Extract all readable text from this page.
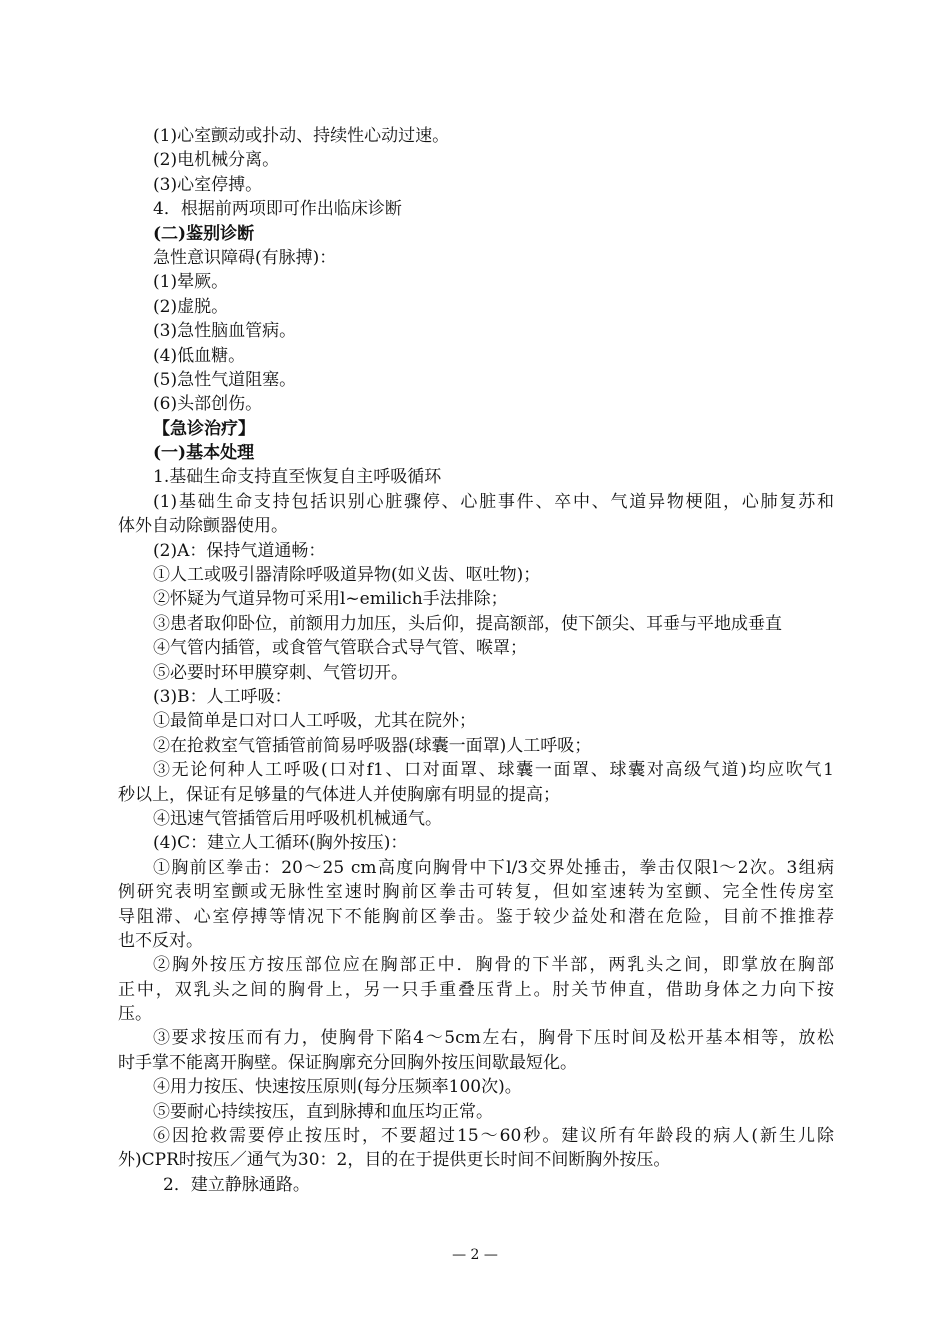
(1)心室颤动或扑动、持续性心动过速。
(2)电机械分离。
(3)心室停搏。
4．根据前两项即可作出临床诊断
(二)鉴别诊断
急性意识障碍(有脉搏)：
(1)晕厥。
(2)虚脱。
(3)急性脑血管病。
(4)低血糖。
(5)急性气道阻塞。
(6)头部创伤。
【急诊治疗】
(一)基本处理
1.基础生命支持直至恢复自主呼吸循环
(1)基础生命支持包括识别心脏骤停、心脏事件、卒中、气道异物梗阻，心肺复苏和
体外自动除颤器使用。
(2)A：保持气道通畅：
①人工或吸引器清除呼吸道异物(如义齿、呕吐物)；
②怀疑为气道异物可采用l~emilich手法排除；
③患者取仰卧位，前额用力加压，头后仰，提高额部，使下颌尖、耳垂与平地成垂直
④气管内插管，或食管气管联合式导气管、喉罩；
⑤必要时环甲膜穿刺、气管切开。
(3)B：人工呼吸：
①最简单是口对口人工呼吸，尤其在院外；
②在抢救室气管插管前简易呼吸器(球囊一面罩)人工呼吸；
③无论何种人工呼吸(口对f1、口对面罩、球囊一面罩、球囊对高级气道)均应吹气1
秒以上，保证有足够量的气体进人并使胸廓有明显的提高；
④迅速气管插管后用呼吸机机械通气。
(4)C：建立人工循环(胸外按压)：
①胸前区拳击：20～25 cm高度向胸骨中下l/3交界处捶击，拳击仅限l～2次。3组病
例研究表明室颤或无脉性室速时胸前区拳击可转复，但如室速转为室颤、完全性传房室
导阻滞、心室停搏等情况下不能胸前区拳击。鉴于较少益处和潜在危险，目前不推推荐
也不反对。
②胸外按压方按压部位应在胸部正中．胸骨的下半部，两乳头之间，即掌放在胸部
正中，双乳头之间的胸骨上，另一只手重叠压背上。肘关节伸直，借助身体之力向下按
压。
③要求按压而有力，使胸骨下陷4～5cm左右，胸骨下压时间及松开基本相等，放松
时手掌不能离开胸壁。保证胸廓充分回胸外按压间歇最短化。
④用力按压、快速按压原则(每分压频率100次)。
⑤要耐心持续按压，直到脉搏和血压均正常。
⑥因抢救需要停止按压时，不要超过15～60秒。建议所有年龄段的病人(新生儿除
外)CPR时按压／通气为30：2，目的在于提供更长时间不间断胸外按压。
2．建立静脉通路。
— 2 —
